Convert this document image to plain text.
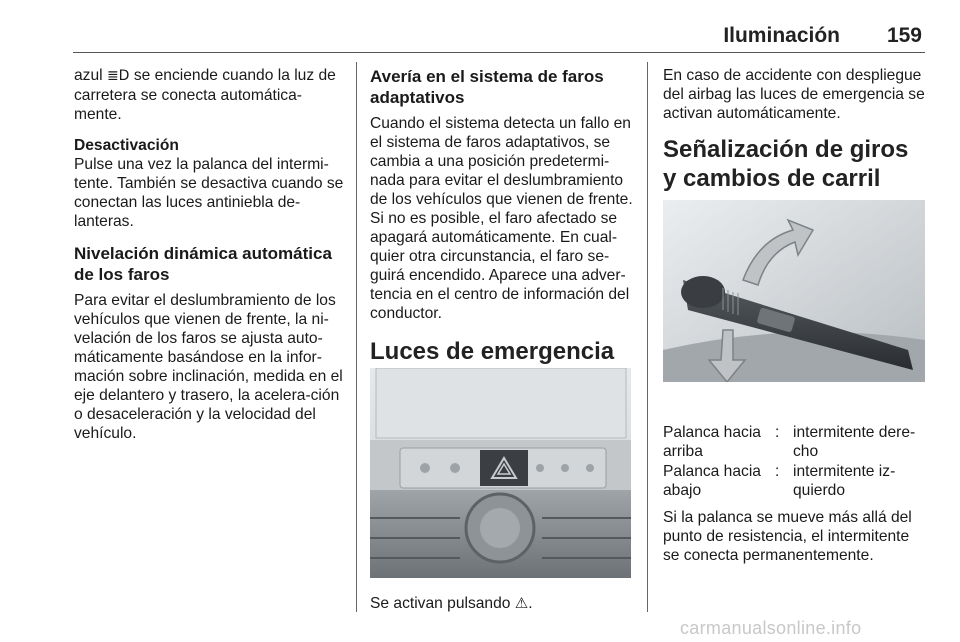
Iluminación	159

azul ≣D se enciende cuando la luz de carretera se conecta automática-mente.

Desactivación

Pulse una vez la palanca del intermi-tente. También se desactiva cuando se conectan las luces antiniebla de-lanteras.

Nivelación dinámica automática de los faros

Para evitar el deslumbramiento de los vehículos que vienen de frente, la ni-velación de los faros se ajusta auto-máticamente basándose en la infor-mación sobre inclinación, medida en el eje delantero y trasero, la acelera-ción o desaceleración y la velocidad del vehículo.

Avería en el sistema de faros adaptativos

Cuando el sistema detecta un fallo en el sistema de faros adaptativos, se cambia a una posición predetermi-nada para evitar el deslumbramiento de los vehículos que vienen de frente. Si no es posible, el faro afectado se apagará automáticamente. En cual-quier otra circunstancia, el faro se-guirá encendido. Aparece una adver-tencia en el centro de información del conductor.

Luces de emergencia
Se activan pulsando ⚠.

En caso de accidente con despliegue del airbag las luces de emergencia se activan automáticamente.

Señalización de giros y cambios de carril
Palanca hacia arriba
: intermitente dere-cho
Palanca hacia abajo
: intermitente iz-quierdo
Si la palanca se mueve más allá del punto de resistencia, el intermitente se conecta permanentemente.
carmanualsonline.info
